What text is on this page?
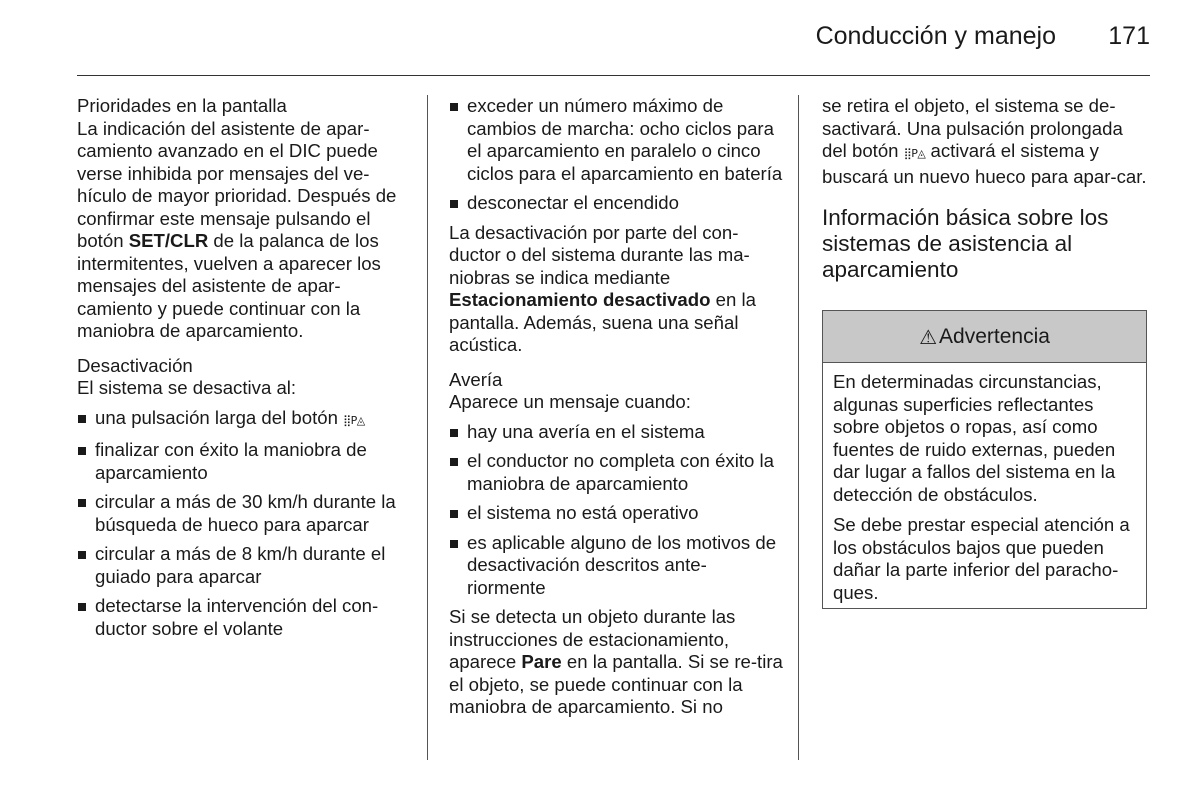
Conducción y manejo 171

Prioridades en la pantalla

La indicación del asistente de apar-camiento avanzado en el DIC puede verse inhibida por mensajes del ve-hículo de mayor prioridad. Después de confirmar este mensaje pulsando el botón SET/CLR de la palanca de los intermitentes, vuelven a aparecer los mensajes del asistente de apar-camiento y puede continuar con la maniobra de aparcamiento.

Desactivación

El sistema se desactiva al:

una pulsación larga del botón ⣿P◬
finalizar con éxito la maniobra de aparcamiento
circular a más de 30 km/h durante la búsqueda de hueco para aparcar
circular a más de 8 km/h durante el guiado para aparcar
detectarse la intervención del con-ductor sobre el volante
exceder un número máximo de cambios de marcha: ocho ciclos para el aparcamiento en paralelo o cinco ciclos para el aparcamiento en batería
desconectar el encendido

La desactivación por parte del con-ductor o del sistema durante las ma-niobras se indica mediante Estacionamiento desactivado en la pantalla. Además, suena una señal acústica.

Avería

Aparece un mensaje cuando:

hay una avería en el sistema
el conductor no completa con éxito la maniobra de aparcamiento
el sistema no está operativo
es aplicable alguno de los motivos de desactivación descritos ante-riormente

Si se detecta un objeto durante las instrucciones de estacionamiento, aparece Pare en la pantalla. Si se re-tira el objeto, se puede continuar con la maniobra de aparcamiento. Si no

se retira el objeto, el sistema se de-sactivará. Una pulsación prolongada del botón ⣿P◬ activará el sistema y buscará un nuevo hueco para apar-car.

Información básica sobre los sistemas de asistencia al aparcamiento

⚠ Advertencia

En determinadas circunstancias, algunas superficies reflectantes sobre objetos o ropas, así como fuentes de ruido externas, pueden dar lugar a fallos del sistema en la detección de obstáculos.

Se debe prestar especial atención a los obstáculos bajos que pueden dañar la parte inferior del paracho-ques.
